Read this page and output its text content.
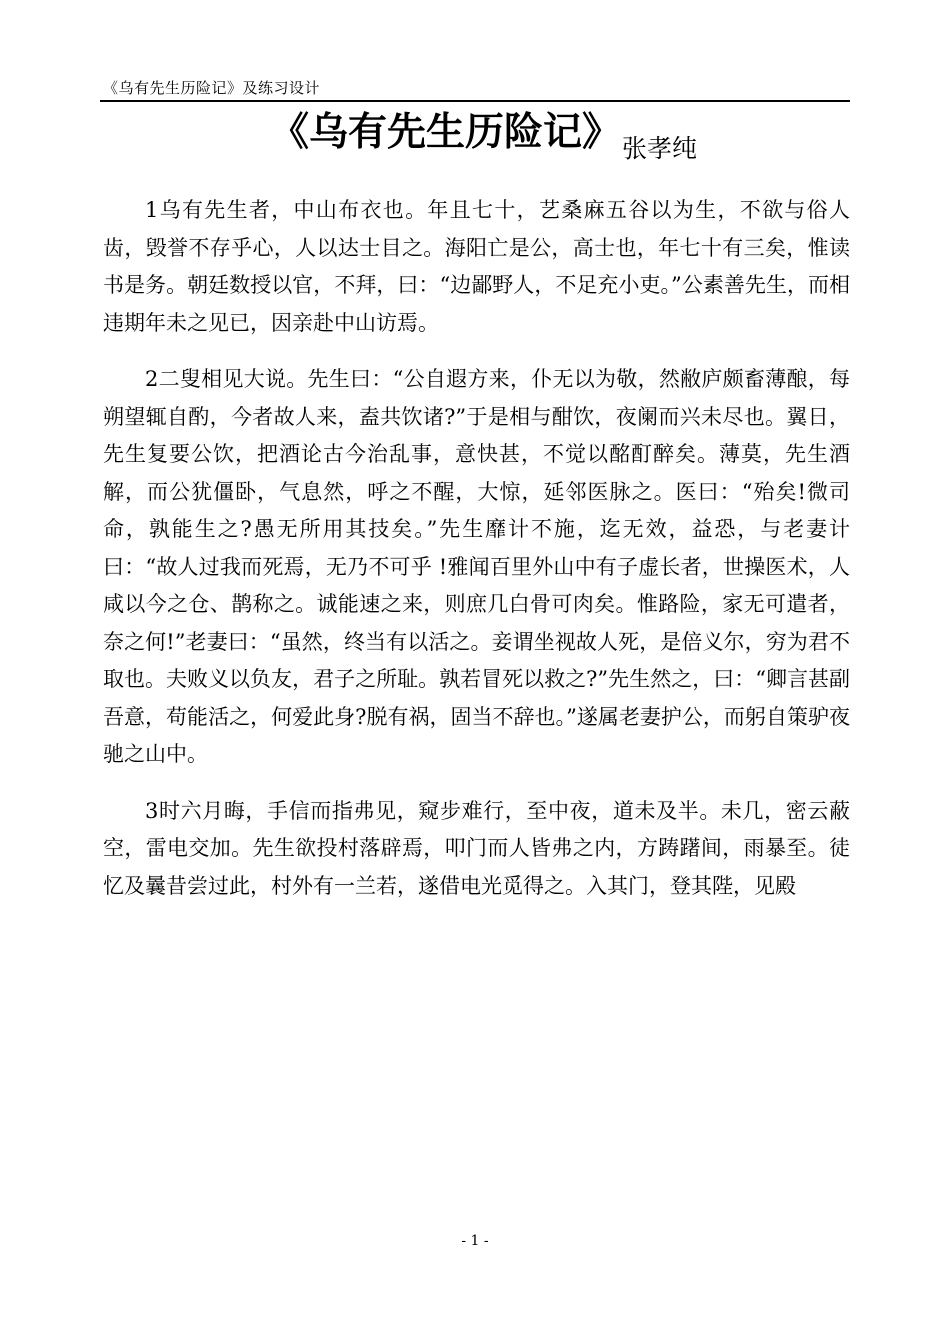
《乌有先生历险记》及练习设计
《乌有先生历险记》 张孝纯

1乌有先生者，中山布衣也。年且七十，艺桑麻五谷以为生，不欲与俗人齿，毁誉不存乎心，人以达士目之。海阳亡是公，高士也，年七十有三矣，惟读书是务。朝廷数授以官，不拜，曰：“边鄙野人，不足充小吏。”公素善先生，而相违期年未之见已，因亲赴中山访焉。

2二叟相见大说。先生曰：“公自遐方来，仆无以为敬，然敝庐颇畜薄酿，每朔望辄自酌，今者故人来，盍共饮诸?”于是相与酣饮，夜阑而兴未尽也。翼日，先生复要公饮，把酒论古今治乱事，意快甚，不觉以酩酊醉矣。薄莫，先生酒解，而公犹僵卧，气息然，呼之不醒，大惊，延邻医脉之。医曰：“殆矣!微司命，孰能生之?愚无所用其技矣。”先生靡计不施，迄无效，益恐，与老妻计曰：“故人过我而死焉，无乃不可乎 !雅闻百里外山中有子虚长者，世操医术，人咸以今之仓、鹊称之。诚能速之来，则庶几白骨可肉矣。惟路险，家无可遣者，奈之何!”老妻曰：“虽然，终当有以活之。妾谓坐视故人死，是倍义尔，穷为君不取也。夫败义以负友，君子之所耻。孰若冒死以救之?”先生然之，曰：“卿言甚副吾意，苟能活之，何爱此身?脱有祸，固当不辞也。”遂属老妻护公，而躬自策驴夜驰之山中。

3时六月晦，手信而指弗见，窥步难行，至中夜，道未及半。未几，密云蔽空，雷电交加。先生欲投村落辟焉，叩门而人皆弗之内，方踌躇间，雨暴至。徒忆及曩昔尝过此，村外有一兰若，遂借电光觅得之。入其门，登其陛，见殿

- 1 -
